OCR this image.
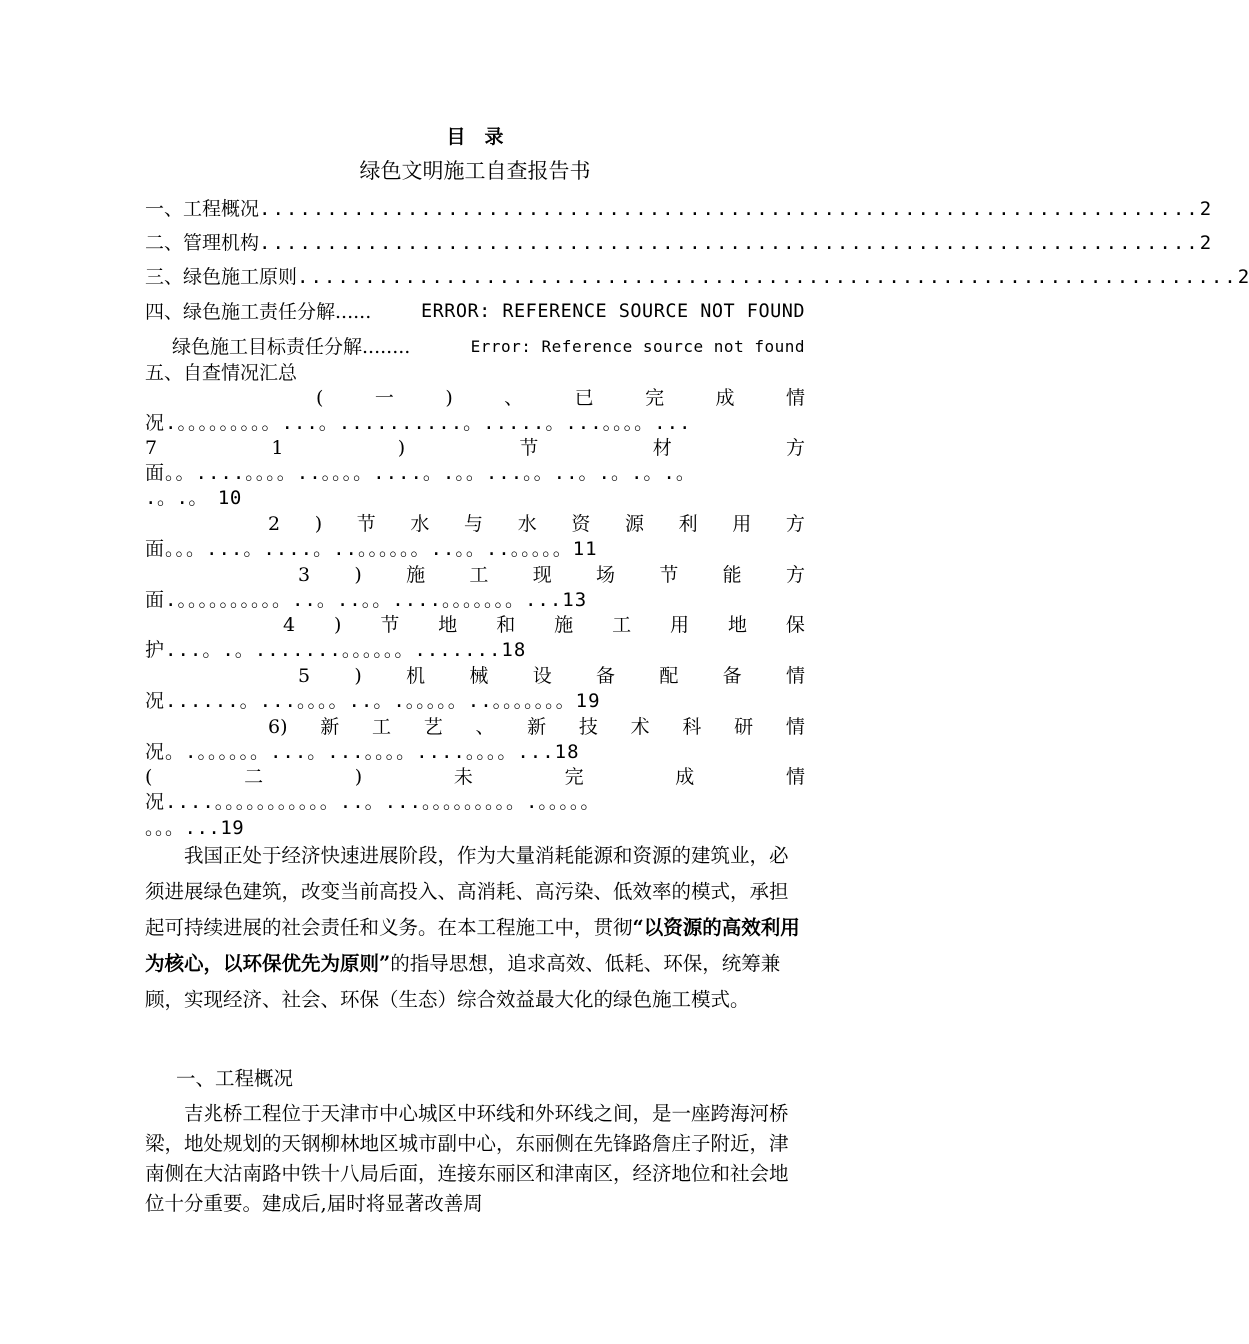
目　录
绿色文明施工自查报告书
一、工程概况 ...................................................................... 2
二、管理机构 ...................................................................... 2
三、绿色施工原则 ...................................................................... 2
四、绿色施工责任分解......	ERROR: REFERENCE SOURCE NOT FOUND
绿色施工目标责任分解........	Error: Reference source not found
五、自查情况汇总
(	一	)	、	已	完	成	情
况.。。。。。。。。。...。..........。.....。...。。。。...
7	1	)	节	材	方
面。。....。。。。..。。。。....。.。。...。。..。.。.。.。
.。.。　10
2 ) 节 水 与 水 资 源 利 用 方
面。。。...。....。..。。。。。。..。。..。。。。。11
3 ) 施 工 现 场 节 能 方
面.。。。。。。。。。。..。..。。....。。。。。。。...13
4 ) 节 地 和 施 工 用 地 保
护...。.。.......。。。。。。.......18
5 ) 机 械 设 备 配 备 情
况......。...。。。。..。.。。。。。..。。。。。。。19
6) 新 工 艺 、 新 技 术 科 研 情
况。.。。。。。。...。...。。。。....。。。。...18
(	二	)	未	完	成	情
况....。。。。。。。。。。。..。...。。。。。。。。。.。。。。。
。。。...19
　　我国正处于经济快速进展阶段，作为大量消耗能源和资源的建筑业，必须进展绿色建筑，改变当前高投入、高消耗、高污染、低效率的模式，承担起可持续进展的社会责任和义务。在本工程施工中，贯彻“以资源的高效利用为核心，以环保优先为原则”的指导思想，追求高效、低耗、环保，统筹兼顾，实现经济、社会、环保（生态）综合效益最大化的绿色施工模式。
一、工程概况
　　吉兆桥工程位于天津市中心城区中环线和外环线之间，是一座跨海河桥梁，地处规划的天钢柳林地区城市副中心，东丽侧在先锋路詹庄子附近，津南侧在大沽南路中铁十八局后面，连接东丽区和津南区，经济地位和社会地位十分重要。建成后,届时将显著改善周
